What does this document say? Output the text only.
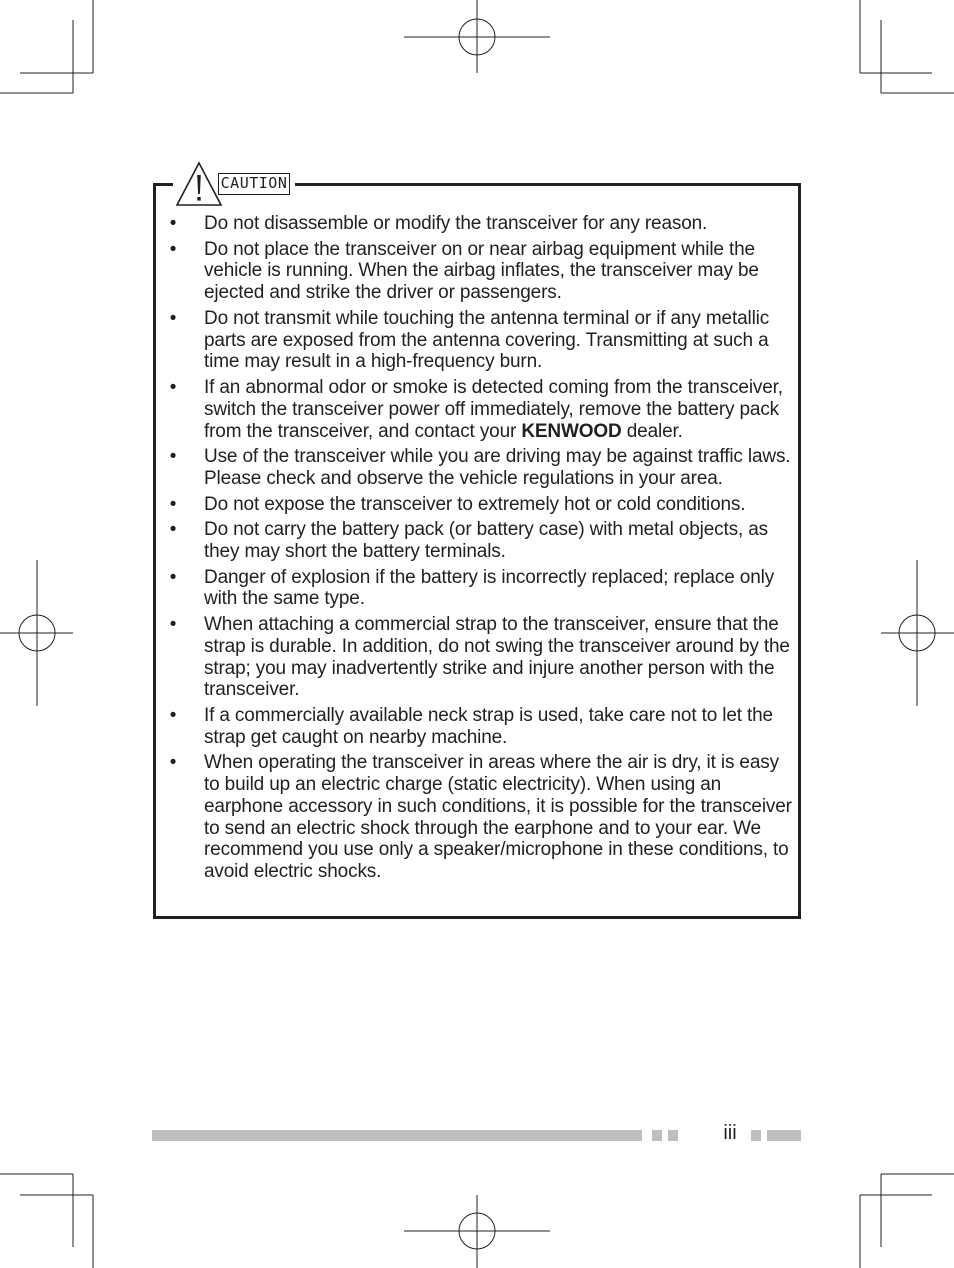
CAUTION
• Do not disassemble or modify the transceiver for any reason.
• Do not place the transceiver on or near airbag equipment while the vehicle is running. When the airbag inflates, the transceiver may be ejected and strike the driver or passengers.
• Do not transmit while touching the antenna terminal or if any metallic parts are exposed from the antenna covering. Transmitting at such a time may result in a high-frequency burn.
• If an abnormal odor or smoke is detected coming from the transceiver, switch the transceiver power off immediately, remove the battery pack from the transceiver, and contact your KENWOOD dealer.
• Use of the transceiver while you are driving may be against traffic laws. Please check and observe the vehicle regulations in your area.
• Do not expose the transceiver to extremely hot or cold conditions.
• Do not carry the battery pack (or battery case) with metal objects, as they may short the battery terminals.
• Danger of explosion if the battery is incorrectly replaced; replace only with the same type.
• When attaching a commercial strap to the transceiver, ensure that the strap is durable. In addition, do not swing the transceiver around by the strap; you may inadvertently strike and injure another person with the transceiver.
• If a commercially available neck strap is used, take care not to let the strap get caught on nearby machine.
• When operating the transceiver in areas where the air is dry, it is easy to build up an electric charge (static electricity). When using an earphone accessory in such conditions, it is possible for the transceiver to send an electric shock through the earphone and to your ear. We recommend you use only a speaker/microphone in these conditions, to avoid electric shocks.
iii
